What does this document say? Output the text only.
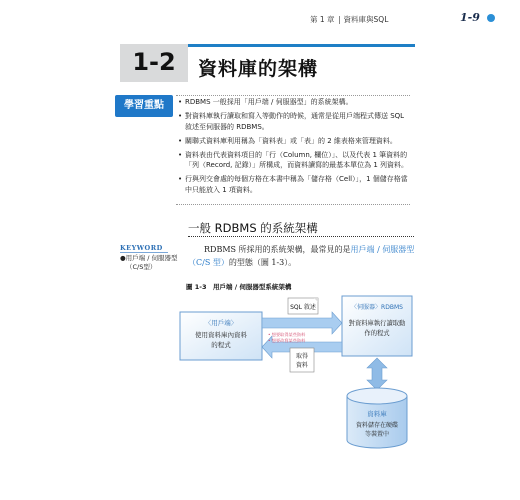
第 1 章 資料庫與SQL	1-9
1-2	資料庫的架構
學習重點
•	RDBMS 一般採用「用戶端 / 伺服器型」的系統架構。
• 對資料庫執行讀取和寫入等動作的時候，通常是從用戶端程式傳送 SQL 敘述至伺服器的 RDBMS。
• 關聯式資料庫利用稱為「資料表」或「表」的 2 維表格來管理資料。
• 資料表由代表資料項目的「行（Column, 欄位）」、以及代表 1 筆資料的「列（Record, 記錄）」所構成，而資料讀寫的最基本單位為 1 列資料。
• 行與列交會處的每個方格在本書中稱為「儲存格（Cell）」，1 個儲存格當中只能放入 1 項資料。
一般 RDBMS 的系統架構
KEYWORD
●用戶端 / 伺服器型
（C/S型）
RDBMS 所採用的系統架構，最常見的是用戶端 / 伺服器型（C/S 型）的型態（圖 1-3）。
圖 1-3　用戶端 / 伺服器型系統架構
〈用戶端〉
使用資料庫內資料
的程式
〈伺服器〉RDBMS
對資料庫執行讀取動
作的程式
SQL 敘述
• 想要取得某些資料
• 想要改寫某些資料
取得
資料
資料庫
資料儲存在硬碟
等裝置中
